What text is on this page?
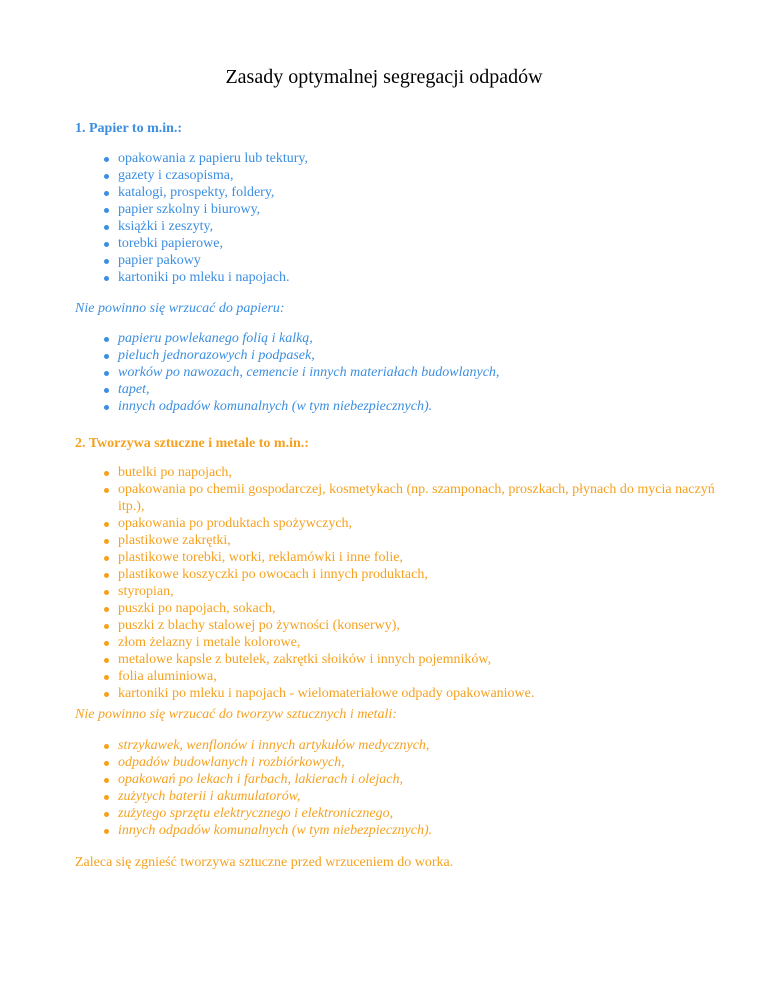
Zasady optymalnej segregacji odpadów

1. Papier to m.in.:

opakowania z papieru lub tektury,
gazety i czasopisma,
katalogi, prospekty, foldery,
papier szkolny i biurowy,
książki i zeszyty,
torebki papierowe,
papier pakowy
kartoniki po mleku i napojach.

Nie powinno się wrzucać do papieru:

papieru powlekanego folią i kalką,
pieluch jednorazowych i podpasek,
worków po nawozach, cemencie i innych materiałach budowlanych,
tapet,
innych odpadów komunalnych (w tym niebezpiecznych).

2. Tworzywa sztuczne i metale to m.in.:

butelki po napojach,
opakowania po chemii gospodarczej, kosmetykach (np. szamponach, proszkach, płynach do mycia naczyń itp.),
opakowania po produktach spożywczych,
plastikowe zakrętki,
plastikowe torebki, worki, reklamówki i inne folie,
plastikowe koszyczki po owocach i innych produktach,
styropian,
puszki po napojach, sokach,
puszki z blachy stalowej po żywności (konserwy),
złom żelazny i metale kolorowe,
metalowe kapsle z butelek, zakrętki słoików i innych pojemników,
folia aluminiowa,
kartoniki po mleku i napojach - wielomateriałowe odpady opakowaniowe.

Nie powinno się wrzucać do tworzyw sztucznych i metali:

strzykawek, wenflonów i innych artykułów medycznych,
odpadów budowlanych i rozbiórkowych,
opakowań po lekach i farbach, lakierach i olejach,
zużytych baterii i akumulatorów,
zużytego sprzętu elektrycznego i elektronicznego,
innych odpadów komunalnych (w tym niebezpiecznych).

Zaleca się zgnieść tworzywa sztuczne przed wrzuceniem do worka.
